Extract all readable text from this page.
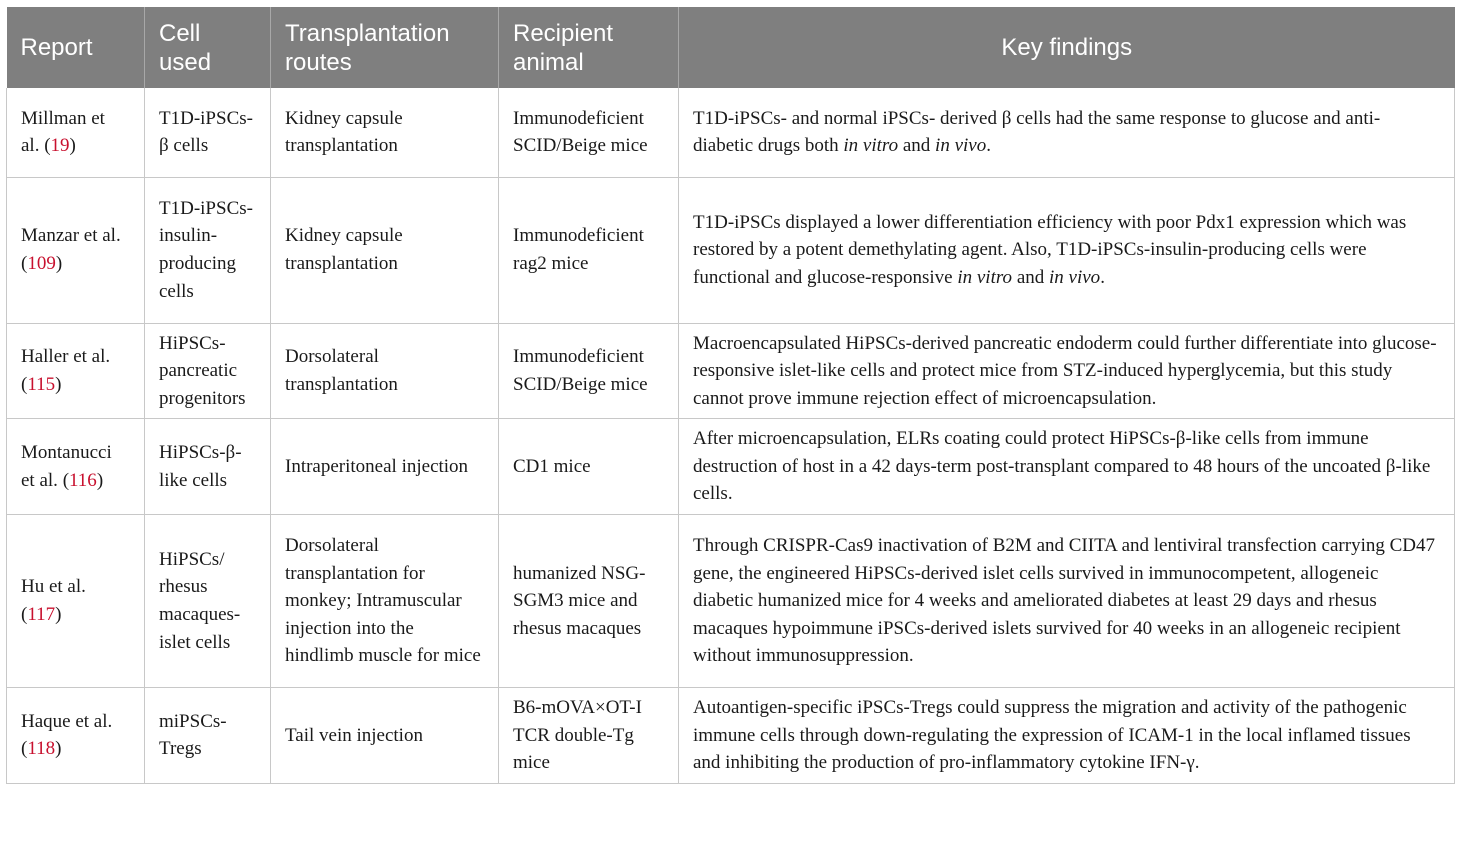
Report	Cell used	Transplantation routes	Recipient animal	Key findings
Millman et al. (19)	T1D-iPSCs-β cells	Kidney capsule transplantation	Immunodeficient SCID/Beige mice	T1D-iPSCs- and normal iPSCs- derived β cells had the same response to glucose and anti-diabetic drugs both in vitro and in vivo.
Manzar et al. (109)	T1D-iPSCs-insulin-producing cells	Kidney capsule transplantation	Immunodeficient rag2 mice	T1D-iPSCs displayed a lower differentiation efficiency with poor Pdx1 expression which was restored by a potent demethylating agent. Also, T1D-iPSCs-insulin-producing cells were functional and glucose-responsive in vitro and in vivo.
Haller et al. (115)	HiPSCs-pancreatic progenitors	Dorsolateral transplantation	Immunodeficient SCID/Beige mice	Macroencapsulated HiPSCs-derived pancreatic endoderm could further differentiate into glucose-responsive islet-like cells and protect mice from STZ-induced hyperglycemia, but this study cannot prove immune rejection effect of microencapsulation.
Montanucci et al. (116)	HiPSCs-β-like cells	Intraperitoneal injection	CD1 mice	After microencapsulation, ELRs coating could protect HiPSCs-β-like cells from immune destruction of host in a 42 days-term post-transplant compared to 48 hours of the uncoated β-like cells.
Hu et al. (117)	HiPSCs/ rhesus macaques-islet cells	Dorsolateral transplantation for monkey; Intramuscular injection into the hindlimb muscle for mice	humanized NSG-SGM3 mice and rhesus macaques	Through CRISPR-Cas9 inactivation of B2M and CIITA and lentiviral transfection carrying CD47 gene, the engineered HiPSCs-derived islet cells survived in immunocompetent, allogeneic diabetic humanized mice for 4 weeks and ameliorated diabetes at least 29 days and rhesus macaques hypoimmune iPSCs-derived islets survived for 40 weeks in an allogeneic recipient without immunosuppression.
Haque et al. (118)	miPSCs-Tregs	Tail vein injection	B6-mOVA×OT-I TCR double-Tg mice	Autoantigen-specific iPSCs-Tregs could suppress the migration and activity of the pathogenic immune cells through down-regulating the expression of ICAM-1 in the local inflamed tissues and inhibiting the production of pro-inflammatory cytokine IFN-γ.
